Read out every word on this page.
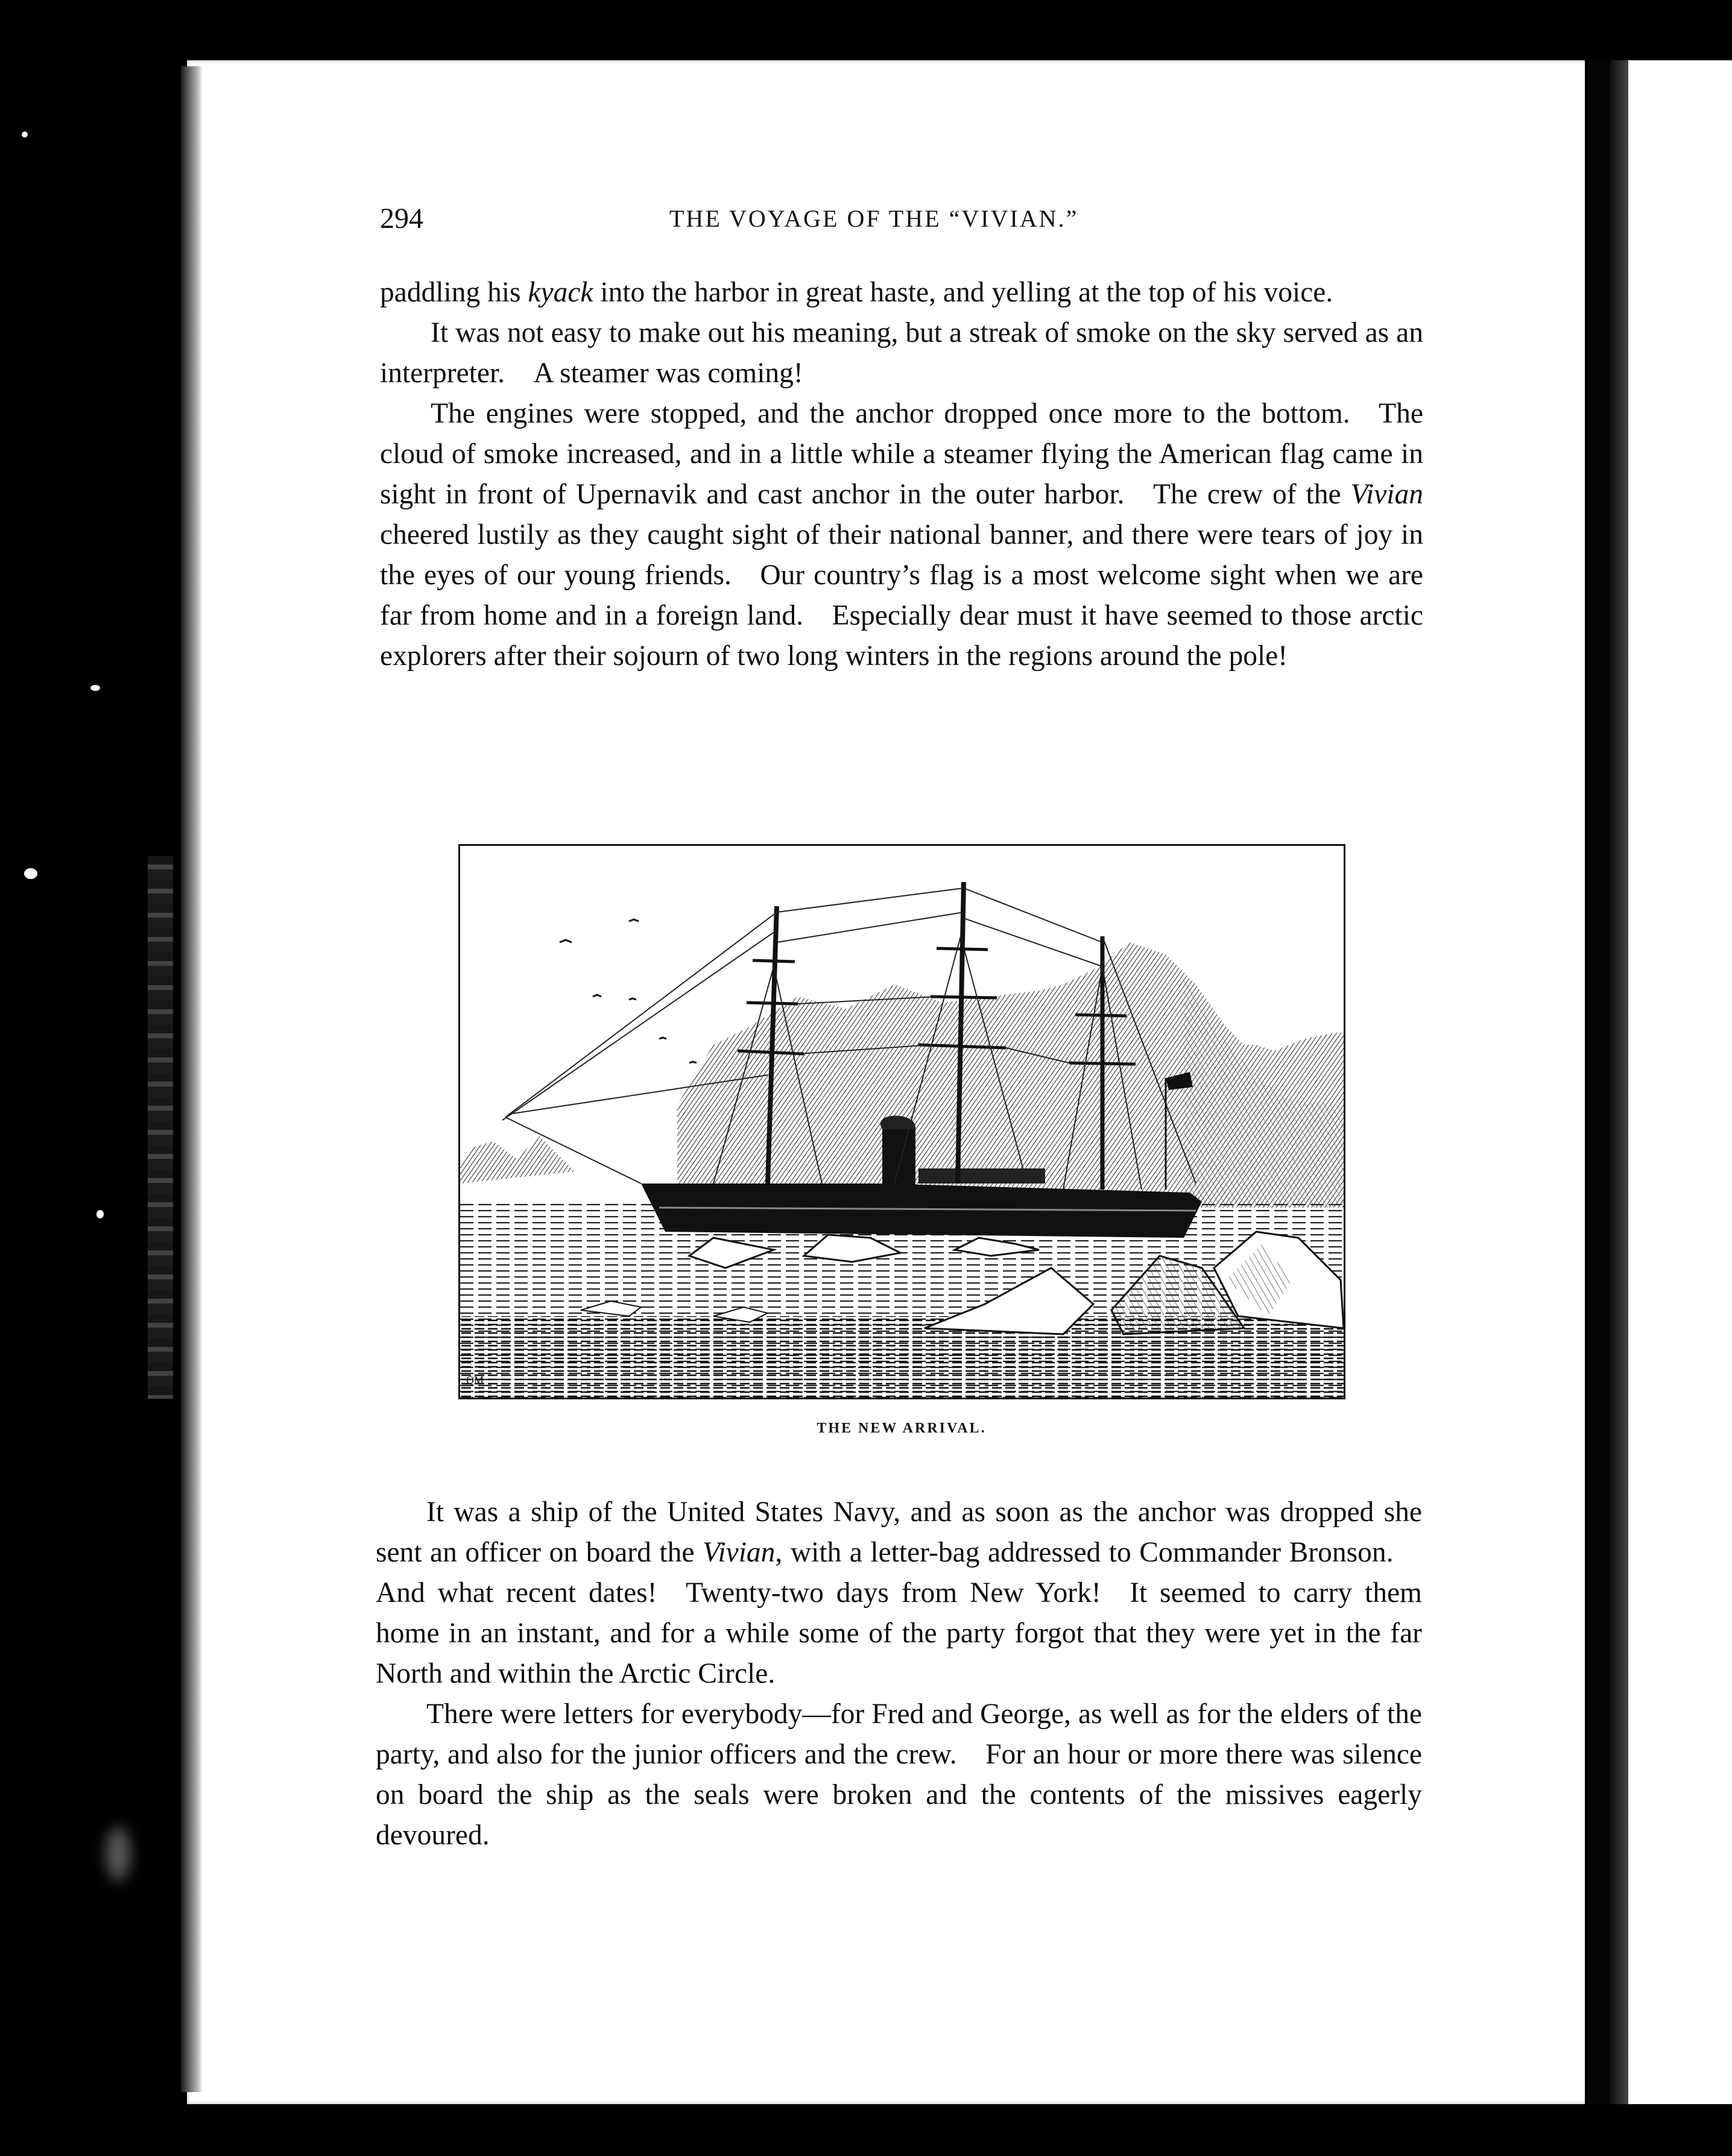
294	THE VOYAGE OF THE “VIVIAN.”

paddling his kyack into the harbor in great haste, and yelling at the top of his voice.

It was not easy to make out his meaning, but a streak of smoke on the sky served as an interpreter. A steamer was coming!

The engines were stopped, and the anchor dropped once more to the bottom. The cloud of smoke increased, and in a little while a steamer flying the American flag came in sight in front of Upernavik and cast anchor in the outer harbor. The crew of the Vivian cheered lustily as they caught sight of their national banner, and there were tears of joy in the eyes of our young friends. Our country’s flag is a most welcome sight when we are far from home and in a foreign land. Especially dear must it have seemed to those arctic explorers after their sojourn of two long winters in the regions around the pole!

QM
THE NEW ARRIVAL.

It was a ship of the United States Navy, and as soon as the anchor was dropped she sent an officer on board the Vivian, with a letter-bag addressed to Commander Bronson. And what recent dates! Twenty-two days from New York! It seemed to carry them home in an instant, and for a while some of the party forgot that they were yet in the far North and within the Arctic Circle.

There were letters for everybody—for Fred and George, as well as for the elders of the party, and also for the junior officers and the crew. For an hour or more there was silence on board the ship as the seals were broken and the contents of the missives eagerly devoured.
